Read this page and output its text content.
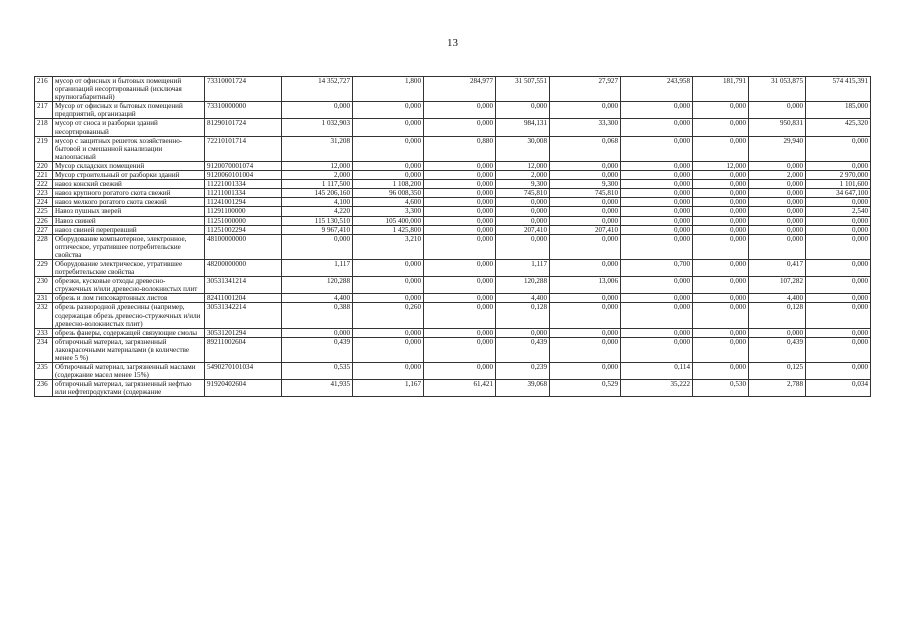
13
216	мусор от офисных и бытовых помещений организаций несортированный (исключая крупногабаритный)	73310001724	14 352,727	1,800	284,977	31 507,551	27,927	243,958	181,791	31 053,875	574 415,391
217	Мусор от офисных и бытовых помещений предприятий, организаций	73310000000	0,000	0,000	0,000	0,000	0,000	0,000	0,000	0,000	185,000
218	мусор от сноса и разборки зданий несортированный	81290101724	1 032,903	0,000	0,000	984,131	33,300	0,000	0,000	950,831	425,320
219	мусор с защитных решеток хозяйственно-бытовой и смешанной канализации малоопасный	72210101714	31,208	0,000	0,880	30,008	0,068	0,000	0,000	29,940	0,000
220	Мусор складских помещений	9120070001074	12,000	0,000	0,000	12,000	0,000	0,000	12,000	0,000	0,000
221	Мусор строительный от разборки зданий	9120060101004	2,000	0,000	0,000	2,000	0,000	0,000	0,000	2,000	2 970,000
222	навоз конский свежий	11221001334	1 117,500	1 108,200	0,000	9,300	9,300	0,000	0,000	0,000	1 101,600
223	навоз крупного рогатого скота свежий	11211001334	145 206,160	96 008,350	0,000	745,810	745,810	0,000	0,000	0,000	34 647,100
224	навоз мелкого рогатого скота свежий	11241001294	4,100	4,600	0,000	0,000	0,000	0,000	0,000	0,000	0,000
225	Навоз пушных зверей	11291100000	4,220	3,300	0,000	0,000	0,000	0,000	0,000	0,000	2,540
226	Навоз свиней	11251000000	115 130,510	105 400,000	0,000	0,000	0,000	0,000	0,000	0,000	0,000
227	навоз свиней перепревший	11251002294	9 967,410	1 425,800	0,000	207,410	207,410	0,000	0,000	0,000	0,000
228	Оборудование компьютерное, электронное, оптическое, утратившее потребительские свойства	48100000000	0,000	3,210	0,000	0,000	0,000	0,000	0,000	0,000	0,000
229	Оборудование электрическое, утратившее потребительские свойства	48200000000	1,117	0,000	0,000	1,117	0,000	0,700	0,000	0,417	0,000
230	обрезки, кусковые отходы древесно-стружечных и/или древесно-волокнистых плит	30531341214	120,288	0,000	0,000	120,288	13,006	0,000	0,000	107,282	0,000
231	обрезь и лом гипсокартонных листов	82411001204	4,400	0,000	0,000	4,400	0,000	0,000	0,000	4,400	0,000
232	обрезь разнородной древесины (например, содержащая обрезь древесно-стружечных и/или древесно-волокнистых плит)	30531342214	0,388	0,260	0,000	0,128	0,000	0,000	0,000	0,128	0,000
233	обрезь фанеры, содержащей связующие смолы	30531201294	0,000	0,000	0,000	0,000	0,000	0,000	0,000	0,000	0,000
234	обтирочный материал, загрязненный лакокрасочными материалами (в количестве менее 5 %)	89211002604	0,439	0,000	0,000	0,439	0,000	0,000	0,000	0,439	0,000
235	Обтирочный материал, загрязненный маслами (содержание масел менее 15%)	5490270101034	0,535	0,000	0,000	0,239	0,000	0,114	0,000	0,125	0,000
236	обтирочный материал, загрязненный нефтью или нефтепродуктами (содержание	91920402604	41,935	1,167	61,421	39,068	0,529	35,222	0,530	2,788	0,034
